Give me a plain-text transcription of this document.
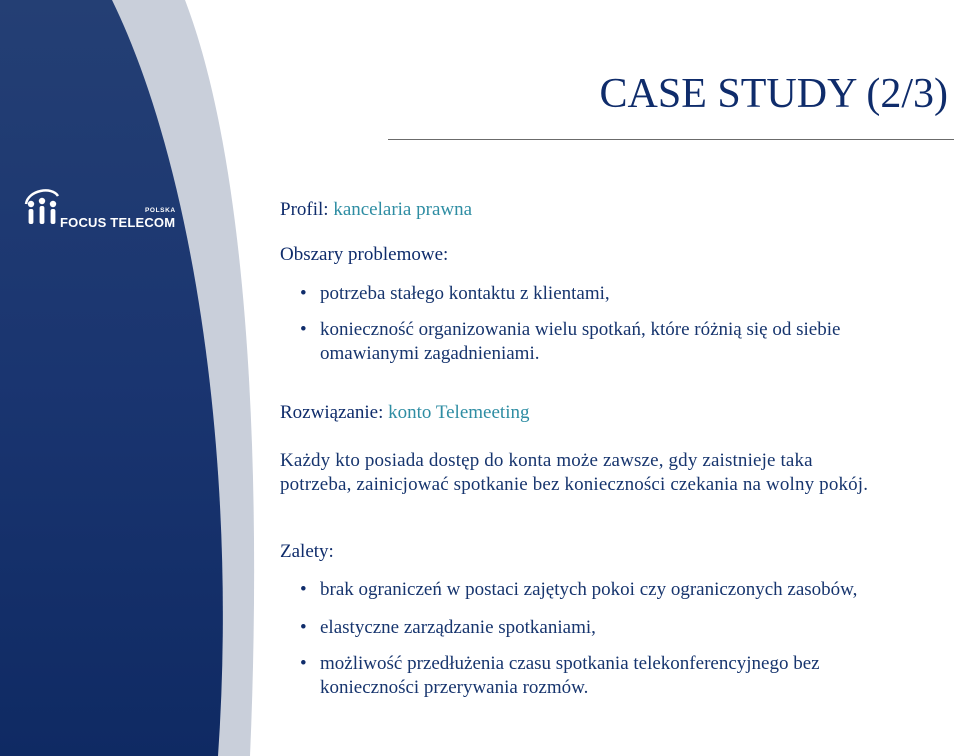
POLSKA
FOCUS TELECOM
CASE STUDY (2/3)
Profil: kancelaria prawna
Obszary problemowe:
• potrzeba stałego kontaktu z klientami,
• konieczność organizowania wielu spotkań, które różnią się od siebie
omawianymi zagadnieniami.
Rozwiązanie: konto Telemeeting
Każdy kto posiada dostęp do konta może zawsze, gdy zaistnieje taka
potrzeba, zainicjować spotkanie bez konieczności czekania na wolny pokój.
Zalety:
• brak ograniczeń w postaci zajętych pokoi czy ograniczonych zasobów,
• elastyczne zarządzanie spotkaniami,
• możliwość przedłużenia czasu spotkania telekonferencyjnego bez
konieczności przerywania rozmów.
